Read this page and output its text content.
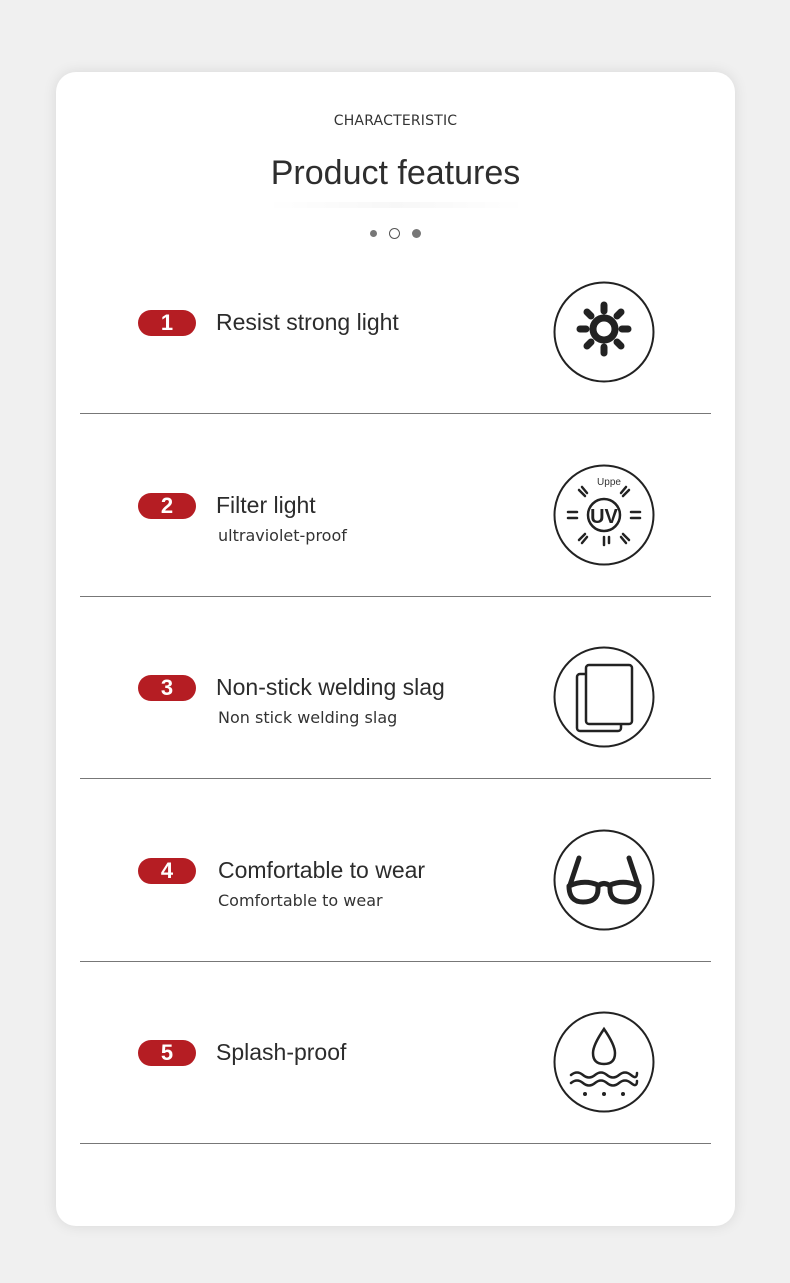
CHARACTERISTIC
Product features
1	Resist strong light
2	Filter light
ultraviolet-proof
Uppe
UV
3	Non-stick welding slag
Non stick welding slag
4	Comfortable to wear
Comfortable to wear
5	Splash-proof
